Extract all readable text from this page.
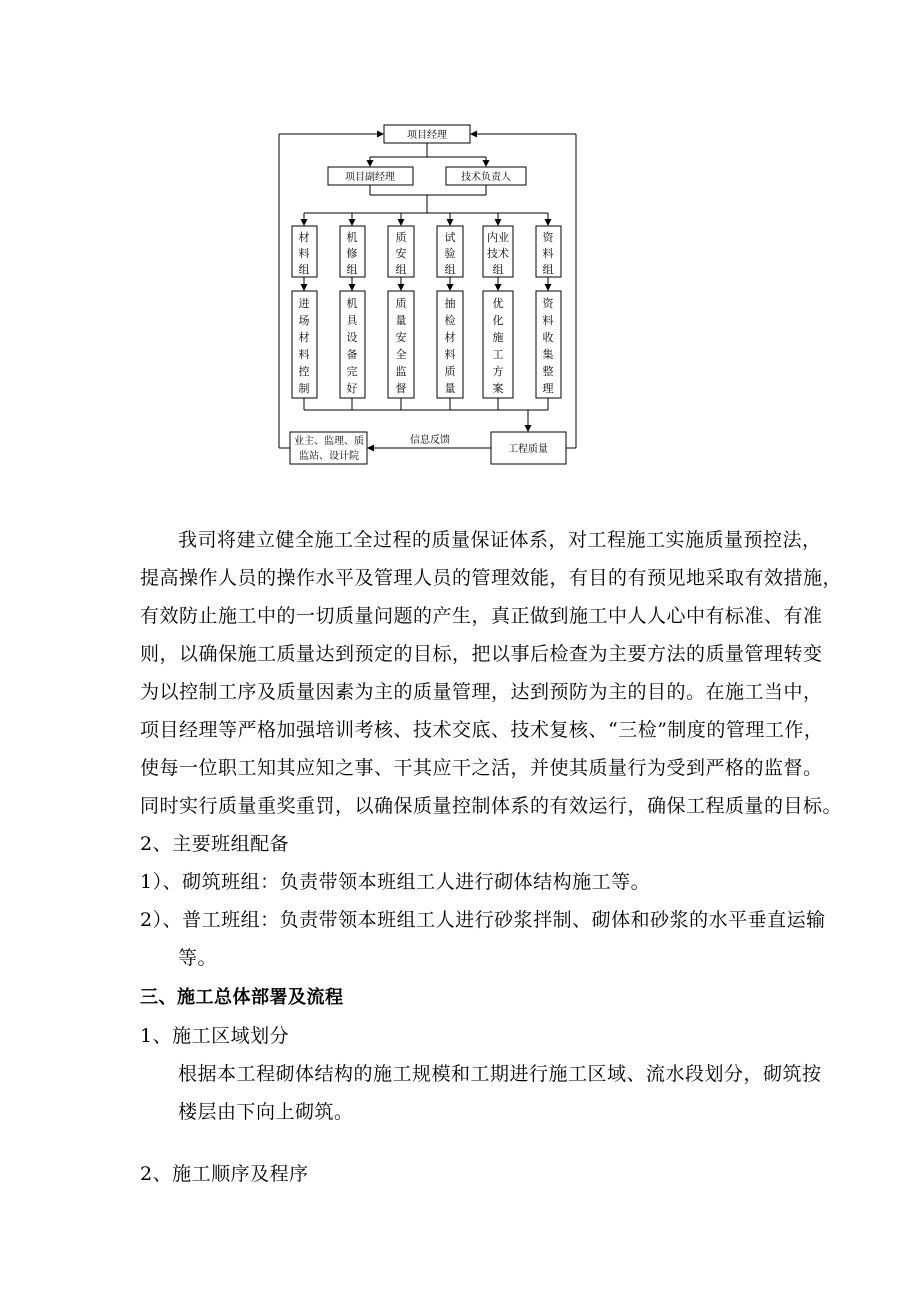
项目经理
项目副经理	技术负责人
业主、监理、质
监站、设计院
信息反馈
工程质量
材
料
组
进
场
材
料
控
制
机
修
组
机
具
设
备
完
好
质
安
组
质
量
安
全
监
督
试
验
组
抽
检
材
料
质
量
内业
技术
组
优
化
施
工
方
案
资
料
组
资
料
收
集
整
理
我司将建立健全施工全过程的质量保证体系，对工程施工实施质量预控法，
提高操作人员的操作水平及管理人员的管理效能，有目的有预见地采取有效措施，
有效防止施工中的一切质量问题的产生，真正做到施工中人人心中有标准、有准
则，以确保施工质量达到预定的目标，把以事后检查为主要方法的质量管理转变
为以控制工序及质量因素为主的质量管理，达到预防为主的目的。在施工当中，
项目经理等严格加强培训考核、技术交底、技术复核、“三检”制度的管理工作，
使每一位职工知其应知之事、干其应干之活，并使其质量行为受到严格的监督。
同时实行质量重奖重罚，以确保质量控制体系的有效运行，确保工程质量的目标。
2、主要班组配备
1）、砌筑班组：负责带领本班组工人进行砌体结构施工等。
2）、普工班组：负责带领本班组工人进行砂浆拌制、砌体和砂浆的水平垂直运输
等。
三、施工总体部署及流程
1、施工区域划分
根据本工程砌体结构的施工规模和工期进行施工区域、流水段划分，砌筑按
楼层由下向上砌筑。
2、施工顺序及程序
